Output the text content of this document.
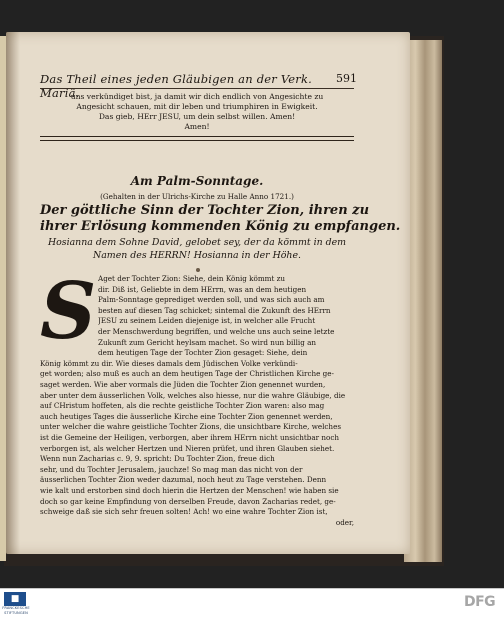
Das Theil eines jeden Gläubigen an der Verk. Mariä.
591
uns verkündiget bist, ja damit wir dich endlich von Angesichte zu
Angesicht schauen, mit dir leben und triumphiren in Ewigkeit.
Das gieb, HErr JESU, um dein selbst willen. Amen!
Amen!
Am Palm-Sonntage.
(Gehalten in der Ulrichs-Kirche zu Halle Anno 1721.)
Der göttliche Sinn der Tochter Zion, ihren zu
ihrer Erlösung kommenden König zu empfangen.
Hosianna dem Sohne David, gelobet sey, der da kömmt in dem
Namen des HERRN! Hosianna in der Höhe.
S Aget der Tochter Zion: Siehe, dein König kömmt zu
dir. Diß ist, Geliebte in dem HErrn, was an dem heutigen
Palm-Sonntage geprediget werden soll, und was sich auch am
besten auf diesen Tag schicket; sintemal die Zukunft des HErrn
JESU zu seinem Leiden diejenige ist, in welcher alle Frucht
der Menschwerdung begriffen, und welche uns auch seine letzte
Zukunft zum Gericht heylsam machet. So wird nun billig an
dem heutigen Tage der Tochter Zion gesaget: Siehe, dein
König kömmt zu dir. Wie dieses damals dem Jüdischen Volke verkündi-
get worden; also muß es auch an dem heutigen Tage der Christlichen Kirche ge-
saget werden. Wie aber vormals die Jüden die Tochter Zion genennet wurden,
aber unter dem äusserlichen Volk, welches also hiesse, nur die wahre Gläubige, die
auf CHristum hoffeten, als die rechte geistliche Tochter Zion waren: also mag
auch heutiges Tages die äusserliche Kirche eine Tochter Zion genennet werden,
unter welcher die wahre geistliche Tochter Zions, die unsichtbare Kirche, welches
ist die Gemeine der Heiligen, verborgen, aber ihrem HErrn nicht unsichtbar noch
verborgen ist, als welcher Hertzen und Nieren prüfet, und ihren Glauben siehet.
Wenn nun Zacharias c. 9, 9. spricht: Du Tochter Zion, freue dich
sehr, und du Tochter Jerusalem, jauchze! So mag man das nicht von der
äusserlichen Tochter Zion weder dazumal, noch heut zu Tage verstehen. Denn
wie kalt und erstorben sind doch hierin die Hertzen der Menschen! wie haben sie
doch so gar keine Empfindung von derselben Freude, davon Zacharias redet, ge-
schweige daß sie sich sehr freuen solten! Ach! wo eine wahre Tochter Zion ist,
oder,
■
FRANCKESCHE STIFTUNGEN
DFG
